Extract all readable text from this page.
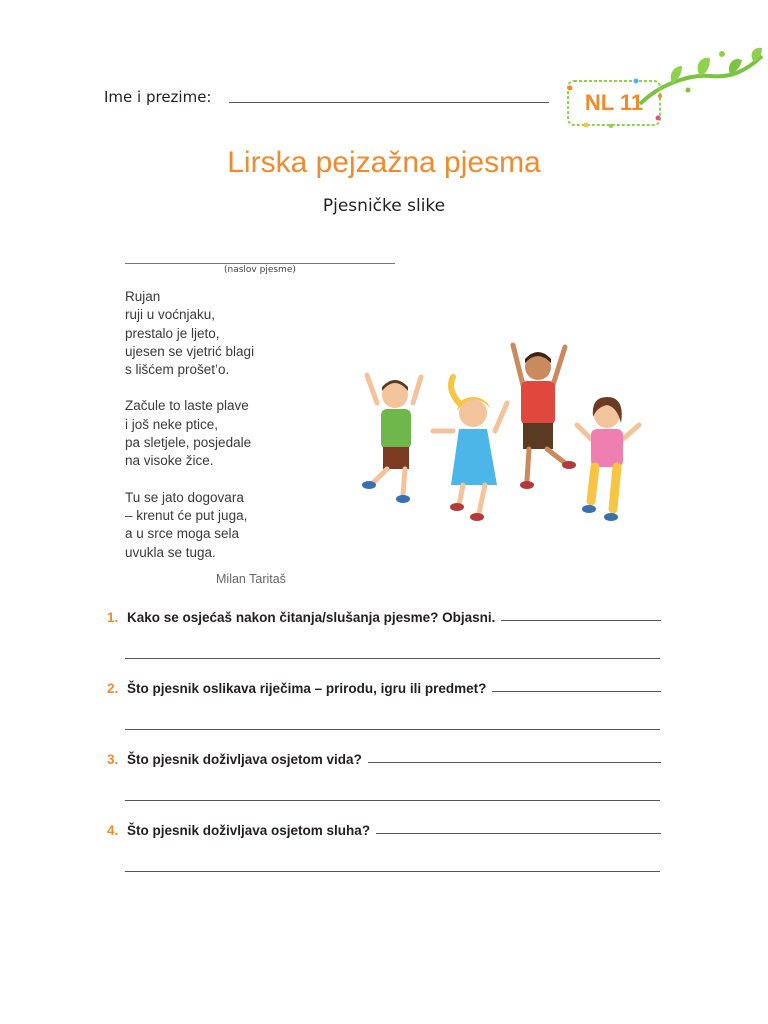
Ime i prezime:	NL 11
Lirska pejzažna pjesma
Pjesničke slike
(naslov pjesme)
Rujan
ruji u voćnjaku,
prestalo je ljeto,
ujesen se vjetrić blagi
s lišćem prošet’o.
Začule to laste plave
i još neke ptice,
pa sletjele, posjedale
na visoke žice.
Tu se jato dogovara
– krenut će put juga,
a u srce moga sela
uvukla se tuga.
Milan Taritaš
1. Kako se osjećaš nakon čitanja/slušanja pjesme? Objasni.
2. Što pjesnik oslikava riječima – prirodu, igru ili predmet?
3. Što pjesnik doživljava osjetom vida?
4. Što pjesnik doživljava osjetom sluha?
